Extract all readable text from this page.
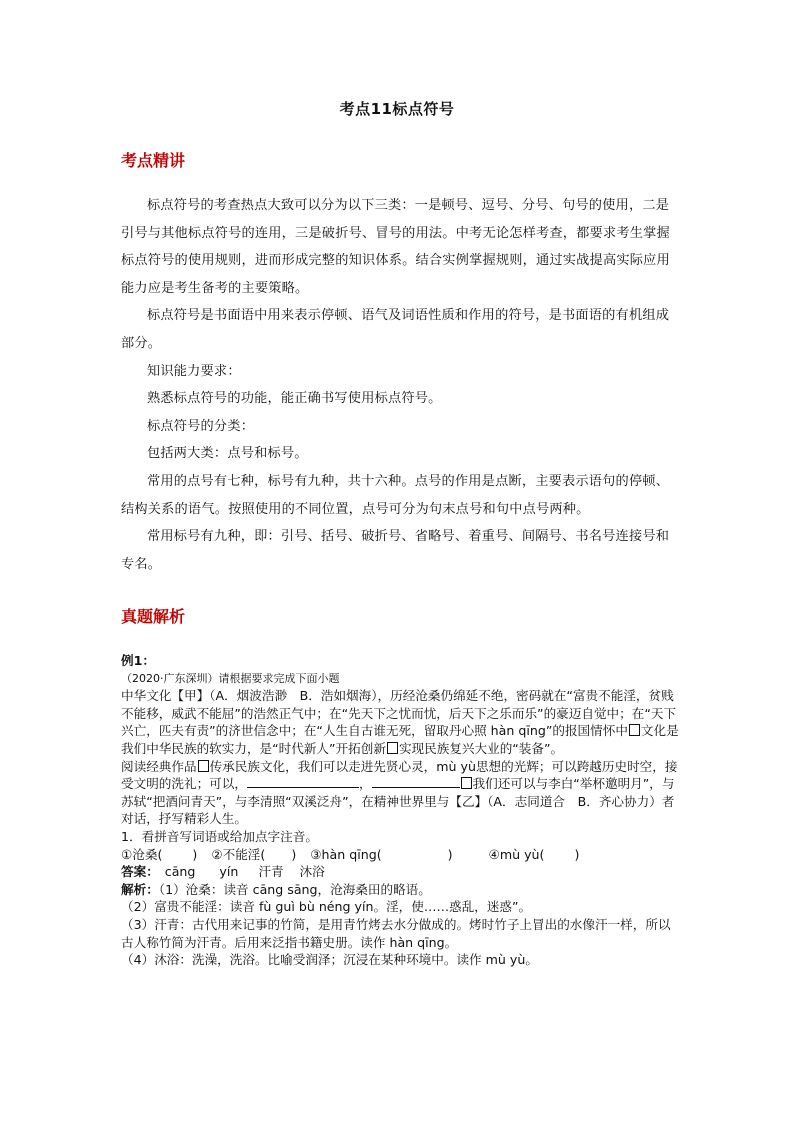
考点11标点符号
考点精讲

标点符号的考查热点大致可以分为以下三类：一是顿号、逗号、分号、句号的使用，二是引号与其他标点符号的连用，三是破折号、冒号的用法。中考无论怎样考查，都要求考生掌握标点符号的使用规则，进而形成完整的知识体系。结合实例掌握规则，通过实战提高实际应用能力应是考生备考的主要策略。

标点符号是书面语中用来表示停顿、语气及词语性质和作用的符号，是书面语的有机组成部分。

知识能力要求：

熟悉标点符号的功能，能正确书写使用标点符号。

标点符号的分类：

包括两大类：点号和标号。

常用的点号有七种，标号有九种，共十六种。点号的作用是点断，主要表示语句的停顿、结构关系的语气。按照使用的不同位置，点号可分为句末点号和句中点号两种。

常用标号有九种，即：引号、括号、破折号、省略号、着重号、间隔号、书名号连接号和专名。

真题解析

例1：

（2020·广东深圳）请根据要求完成下面小题

中华文化【甲】（A．烟波浩渺　B．浩如烟海），历经沧桑仍绵延不绝，密码就在“富贵不能淫，贫贱不能移，威武不能屈”的浩然正气中；在“先天下之忧而忧，后天下之乐而乐”的豪迈自觉中；在“天下兴亡，匹夫有责”的济世信念中；在“人生自古谁无死，留取丹心照 hàn qīng”的报国情怀中 文化是我们中华民族的软实力，是“时代新人”开拓创新 实现民族复兴大业的“装备”。

阅读经典作品 传承民族文化，我们可以走进先贤心灵，mù yù思想的光辉；可以跨越历史时空，接受文明的洗礼；可以，	，	我们还可以与李白“举杯邀明月”，与苏轼“把酒问青天”，与李清照“双溪泛舟”，在精神世界里与【乙】（A．志同道合　B．齐心协力）者对话，抒写精彩人生。

1．看拼音写词语或给加点字注音。

①沧桑( ) ②不能淫( ) ③hàn qīng(	)	④mù yù( )

答案： cāng yín 汗青 沐浴

解析：（1）沧桑：读音 cāng sāng，沧海桑田的略语。

（2）富贵不能淫：读音 fù guì bù néng yín。淫，使……惑乱，迷惑”。

（3）汗青：古代用来记事的竹简，是用青竹烤去水分做成的。烤时竹子上冒出的水像汗一样，所以古人称竹简为汗青。后用来泛指书籍史册。读作 hàn qīng。

（4）沐浴：洗澡，洗浴。比喻受润泽；沉浸在某种环境中。读作 mù yù。
